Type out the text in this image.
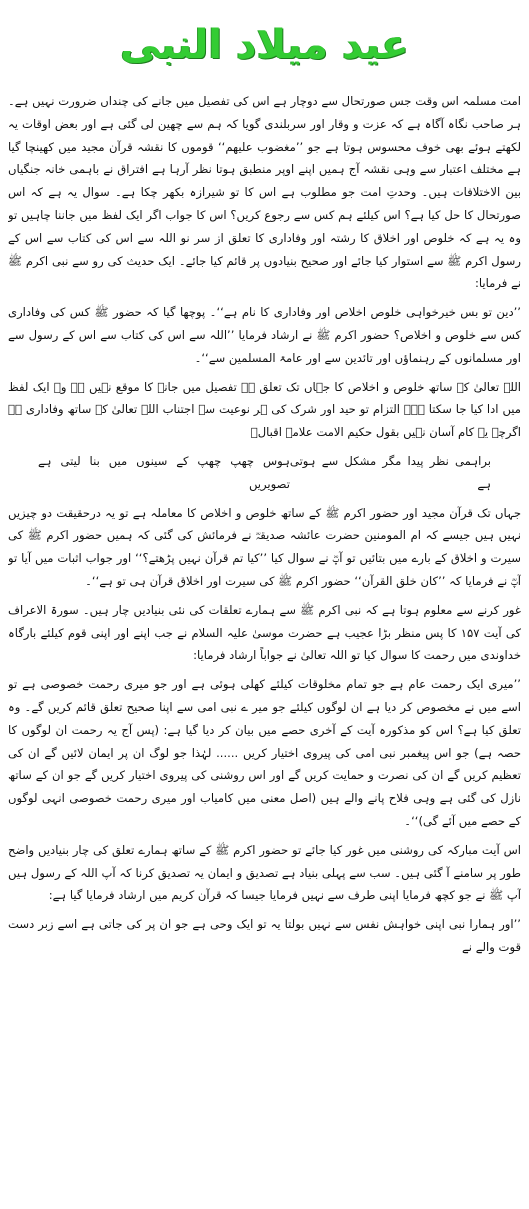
عید میلاد النبی

امت مسلمہ اس وقت جس صورتحال سے دوچار ہے اس کی تفصیل میں جانے کی چنداں ضرورت نہیں ہے۔ ہر صاحب نگاہ آگاہ ہے کہ عزت و وقار اور سربلندی گویا کہ ہم سے چھین لی گئی ہے اور بعض اوقات یہ لکھتے ہوئے بھی خوف محسوس ہوتا ہے جو ’’مغضوب علیھم‘‘ قوموں کا نقشہ قرآن مجید میں کھینچا گیا ہے مختلف اعتبار سے وہی نقشہ آج ہمیں اپنے اوپر منطبق ہوتا نظر آرہا ہے افتراق نے باہمی خانہ جنگیاں بین الاختلافات ہیں۔ وحدتِ امت جو مطلوب ہے اس کا تو شیرازہ بکھر چکا ہے۔ سوال یہ ہے کہ اس صورتحال کا حل کیا ہے؟ اس کیلئے ہم کس سے رجوع کریں؟ اس کا جواب اگر ایک لفظ میں جاننا چاہیں تو وہ یہ ہے کہ خلوص اور اخلاق کا رشتہ اور وفاداری کا تعلق از سر نو اللہ سے اس کی کتاب سے اس کے رسول اکرم ﷺ سے استوار کیا جائے اور صحیح بنیادوں پر قائم کیا جائے۔ ایک حدیث کی رو سے نبی اکرم ﷺ نے فرمایا:

’’دین تو بس خیرخواہی خلوص اخلاص اور وفاداری کا نام ہے‘‘۔ پوچھا گیا کہ حضور ﷺ کس کی وفاداری کس سے خلوص و اخلاص؟ حضور اکرم ﷺ نے ارشاد فرمایا ’’اللہ سے اس کی کتاب سے اس کے رسول سے اور مسلمانوں کے رہنماؤں اور تائدین سے اور عامۃ المسلمین سے‘‘۔

اللہ تعالیٰ کے ساتھ خلوص و اخلاص کا جہاں تک تعلق ہے تفصیل میں جانے کا موقع نہیں ہے وہ ایک لفظ میں ادا کیا جا سکتا ہے۔ التزام تو حید اور شرک کی ہر نوعیت سے اجتناب اللہ تعالیٰ کے ساتھ وفاداری ہے اگرچہ یہ کام آسان نہیں بقول حکیم الامت علامہ اقبالؒ

براہمی نظر پیدا مگر مشکل سے ہوتی ہے
ہوس چھپ چھپ کے سینوں میں بنا لیتی ہے تصویریں

جہاں تک قرآن مجید اور حضور اکرم ﷺ کے ساتھ خلوص و اخلاص کا معاملہ ہے تو یہ درحقیقت دو چیزیں نہیں ہیں جیسے کہ ام المومنین حضرت عائشہ صدیقہؓ نے فرمائش کی گئی کہ ہمیں حضور اکرم ﷺ کی سیرت و اخلاق کے بارے میں بتائیں تو آپؓ نے سوال کیا ’’کیا تم قرآن نہیں پڑھتے؟‘‘ اور جواب اثبات میں آیا تو آپؓ نے فرمایا کہ ’’کان خلق القرآن‘‘ حضور اکرم ﷺ کی سیرت اور اخلاق قرآن ہی تو ہے‘‘۔

غور کرنے سے معلوم ہوتا ہے کہ نبی اکرم ﷺ سے ہمارے تعلقات کی نئی بنیادیں چار ہیں۔ سورۃ الاعراف کی آیت ۱۵۷ کا پس منظر بڑا عجیب ہے حضرت موسیٰ علیہ السلام نے جب اپنے اور اپنی قوم کیلئے بارگاہ خداوندی میں رحمت کا سوال کیا تو اللہ تعالیٰ نے جواباً ارشاد فرمایا:

’’میری ایک رحمت عام ہے جو تمام مخلوقات کیلئے کھلی ہوئی ہے اور جو میری رحمت خصوصی ہے تو اسے میں نے مخصوص کر دیا ہے ان لوگوں کیلئے جو میر ے نبی امی سے اپنا صحیح تعلق قائم کریں گے۔ وہ تعلق کیا ہے؟ اس کو مذکورہ آیت کے آخری حصے میں بیان کر دیا گیا ہے: (پس آج یہ رحمت ان لوگوں کا حصہ ہے) جو اس پیغمبر نبی امی کی پیروی اختیار کریں ...... لہٰذا جو لوگ ان پر ایمان لائیں گے ان کی تعظیم کریں گے ان کی نصرت و حمایت کریں گے اور اس روشنی کی پیروی اختیار کریں گے جو ان کے ساتھ نازل کی گئی ہے وہی فلاح پانے والے ہیں (اصل معنی میں کامیاب اور میری رحمت خصوصی انہی لوگوں کے حصے میں آئے گی)‘‘۔

اس آیت مبارکہ کی روشنی میں غور کیا جائے تو حضور اکرم ﷺ کے ساتھ ہمارے تعلق کی چار بنیادیں واضح طور پر سامنے آ گئی ہیں۔ سب سے پہلی بنیاد ہے تصدیق و ایمان یہ تصدیق کرنا کہ آپ اللہ کے رسول ہیں آپ ﷺ نے جو کچھ فرمایا اپنی طرف سے نہیں فرمایا جیسا کہ قرآن کریم میں ارشاد فرمایا گیا ہے:

’’اور ہمارا نبی اپنی خواہش نفس سے نہیں بولتا یہ تو ایک وحی ہے جو ان پر کی جاتی ہے اسے زبر دست قوت والے نے
